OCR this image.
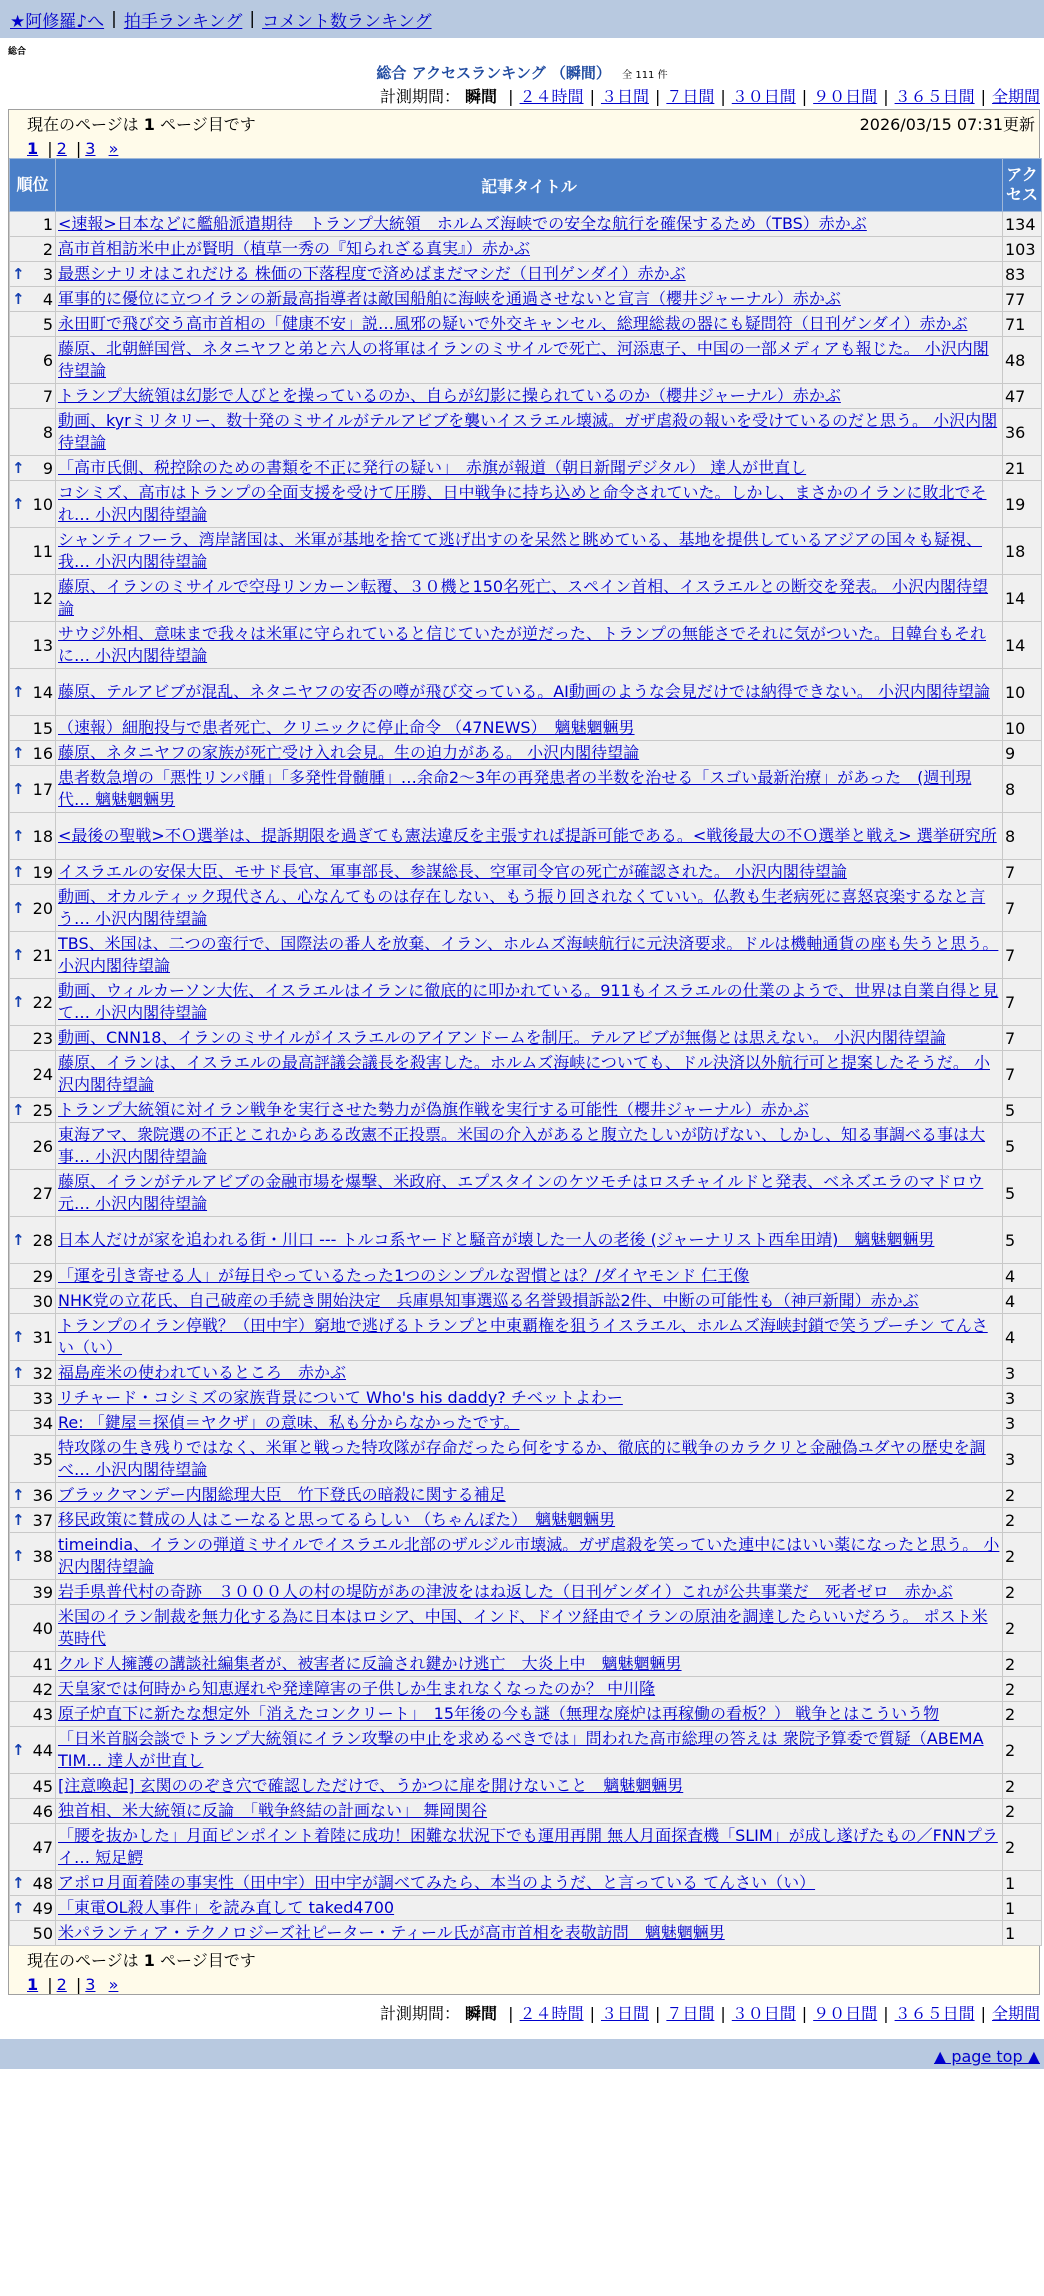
★阿修羅♪へ | 拍手ランキング | コメント数ランキング
総合
総合 アクセスランキング （瞬間） 全 111 件
計測期間： 瞬間 | ２４時間 | ３日間 | ７日間 | ３０日間 | ９０日間 | ３６５日間 | 全期間
現在のページは 1 ページ目です	2026/03/15 07:31更新
1 | 2 | 3 »
順位	記事タイトル	アクセス
1	<速報>日本などに艦船派遣期待　トランプ大統領　ホルムズ海峡での安全な航行を確保するため（TBS）赤かぶ	134
2	高市首相訪米中止が賢明（植草一秀の『知られざる真実』）赤かぶ	103

↑ 3	最悪シナリオはこれだける 株価の下落程度で済めばまだマシだ（日刊ゲンダイ）赤かぶ	83

↑ 4	軍事的に優位に立つイランの新最高指導者は敵国船舶に海峡を通過させないと宣言（櫻井ジャーナル）赤かぶ	77
5	永田町で飛び交う高市首相の「健康不安」説…風邪の疑いで外交キャンセル、総理総裁の器にも疑問符（日刊ゲンダイ）赤かぶ	71
6	藤原、北朝鮮国営、ネタニヤフと弟と六人の将軍はイランのミサイルで死亡、河添恵子、中国の一部メディアも報じた。 小沢内閣待望論	48
7	トランプ大統領は幻影で人びとを操っているのか、自らが幻影に操られているのか（櫻井ジャーナル）赤かぶ	47
8	動画、kyrミリタリー、数十発のミサイルがテルアビブを襲いイスラエル壊滅。ガザ虐殺の報いを受けているのだと思う。 小沢内閣待望論	36

↑ 9	「高市氏側、税控除のための書類を不正に発行の疑い」　赤旗が報道（朝日新聞デジタル） 達人が世直し	21

↑ 10	コシミズ、高市はトランプの全面支援を受けて圧勝、日中戦争に持ち込めと命令されていた。しかし、まさかのイランに敗北でそれ… 小沢内閣待望論	19
11	シャンティフーラ、湾岸諸国は、米軍が基地を捨てて逃げ出すのを呆然と眺めている、基地を提供しているアジアの国々も疑視、我… 小沢内閣待望論	18
12	藤原、イランのミサイルで空母リンカーン転覆、３０機と150名死亡、スペイン首相、イスラエルとの断交を発表。 小沢内閣待望論	14
13	サウジ外相、意味まで我々は米軍に守られていると信じていたが逆だった、トランプの無能さでそれに気がついた。日韓台もそれに… 小沢内閣待望論	14

↑ 14	藤原、テルアビブが混乱、ネタニヤフの安否の噂が飛び交っている。AI動画のような会見だけでは納得できない。 小沢内閣待望論	10
15	（速報）細胞投与で患者死亡、クリニックに停止命令 （47NEWS）　魑魅魍魎男	10

↑ 16	藤原、ネタニヤフの家族が死亡受け入れ会見。生の迫力がある。 小沢内閣待望論	9

↑ 17	患者数急増の「悪性リンパ腫」「多発性骨髄腫」…余命2～3年の再発患者の半数を治せる「スゴい最新治療」があった　(週刊現代… 魑魅魍魎男	8

↑ 18	<最後の聖戦>不Ｏ選挙は、提訴期限を過ぎても憲法違反を主張すれば提訴可能である。<戦後最大の不Ｏ選挙と戦え> 選挙研究所	8

↑ 19	イスラエルの安保大臣、モサド長官、軍事部長、参謀総長、空軍司令官の死亡が確認された。 小沢内閣待望論	7

↑ 20	動画、オカルティック現代さん、心なんてものは存在しない、もう振り回されなくていい。仏教も生老病死に喜怒哀楽するなと言う… 小沢内閣待望論	7

↑ 21	TBS、米国は、二つの蛮行で、国際法の番人を放棄、イラン、ホルムズ海峡航行に元決済要求。ドルは機軸通貨の座も失うと思う。 小沢内閣待望論	7

↑ 22	動画、ウィルカーソン大佐、イスラエルはイランに徹底的に叩かれている。911もイスラエルの仕業のようで、世界は自業自得と見て… 小沢内閣待望論	7
23	動画、CNN18、イランのミサイルがイスラエルのアイアンドームを制圧。テルアビブが無傷とは思えない。 小沢内閣待望論	7
24	藤原、イランは、イスラエルの最高評議会議長を殺害した。ホルムズ海峡についても、ドル決済以外航行可と提案したそうだ。 小沢内閣待望論	7

↑ 25	トランプ大統領に対イラン戦争を実行させた勢力が偽旗作戦を実行する可能性（櫻井ジャーナル）赤かぶ	5
26	東海アマ、衆院選の不正とこれからある改憲不正投票。米国の介入があると腹立たしいが防げない、しかし、知る事調べる事は大事… 小沢内閣待望論	5
27	藤原、イランがテルアビブの金融市場を爆撃、米政府、エプスタインのケツモチはロスチャイルドと発表、ベネズエラのマドロウ元… 小沢内閣待望論	5

↑ 28	日本人だけが家を追われる街・川口 --- トルコ系ヤードと騒音が壊した一人の老後 (ジャーナリスト西牟田靖)　魑魅魍魎男	5
29	「運を引き寄せる人」が毎日やっているたった1つのシンプルな習慣とは？/ダイヤモンド 仁王像	4
30	NHK党の立花氏、自己破産の手続き開始決定　兵庫県知事選巡る名誉毀損訴訟2件、中断の可能性も（神戸新聞）赤かぶ	4

↑ 31	トランプのイラン停戦？（田中宇）窮地で逃げるトランプと中東覇権を狙うイスラエル、ホルムズ海峡封鎖で笑うプーチン てんさい（い）	4

↑ 32	福島産米の使われているところ　赤かぶ	3
33	リチャード・コシミズの家族背景について Who's his daddy? チベットよわー	3
34	Re: 「鍵屋＝探偵＝ヤクザ」の意味、私も分からなかったです。	3
35	特攻隊の生き残りではなく、米軍と戦った特攻隊が存命だったら何をするか、徹底的に戦争のカラクリと金融偽ユダヤの歴史を調べ… 小沢内閣待望論	3

↑ 36	ブラックマンデー内閣総理大臣　竹下登氏の暗殺に関する補足	2

↑ 37	移民政策に賛成の人はこーなると思ってるらしい （ちゃんぽた）　魑魅魍魎男	2

↑ 38	timeindia、イランの弾道ミサイルでイスラエル北部のザルジル市壊滅。ガザ虐殺を笑っていた連中にはいい薬になったと思う。 小沢内閣待望論	2
39	岩手県普代村の奇跡　３０００人の村の堤防があの津波をはね返した（日刊ゲンダイ）これが公共事業だ　死者ゼロ　赤かぶ	2
40	米国のイラン制裁を無力化する為に日本はロシア、中国、インド、ドイツ経由でイランの原油を調達したらいいだろう。 ポスト米英時代	2
41	クルド人擁護の講談社編集者が、被害者に反論され鍵かけ逃亡　大炎上中　魑魅魍魎男	2
42	天皇家では何時から知恵遅れや発達障害の子供しか生まれなくなったのか？ 中川隆	2
43	原子炉直下に新たな想定外「消えたコンクリート」　15年後の今も謎（無理な廃炉は再稼働の看板？） 戦争とはこういう物	2

↑ 44	「日米首脳会談でトランプ大統領にイラン攻撃の中止を求めるべきでは」問われた高市総理の答えは 衆院予算委で質疑（ABEMA TIM… 達人が世直し	2
45	[注意喚起] 玄関ののぞき穴で確認しただけで、うかつに扉を開けないこと　魑魅魍魎男	2
46	独首相、米大統領に反論　「戦争終結の計画ない」 舞岡関谷	2
47	「腰を抜かした」月面ピンポイント着陸に成功！困難な状況下でも運用再開 無人月面探査機「SLIM」が成し遂げたもの／FNNプライ… 短足鰐	2

↑ 48	アポロ月面着陸の事実性（田中宇）田中宇が調べてみたら、本当のようだ、と言っている てんさい（い）	1

↑ 49	「東電OL殺人事件」を読み直して taked4700	1
50	米パランティア・テクノロジーズ社ピーター・ティール氏が高市首相を表敬訪問　魑魅魍魎男	1
現在のページは 1 ページ目です
1 | 2 | 3 »
計測期間： 瞬間 | ２４時間 | ３日間 | ７日間 | ３０日間 | ９０日間 | ３６５日間 | 全期間
▲ page top ▲
